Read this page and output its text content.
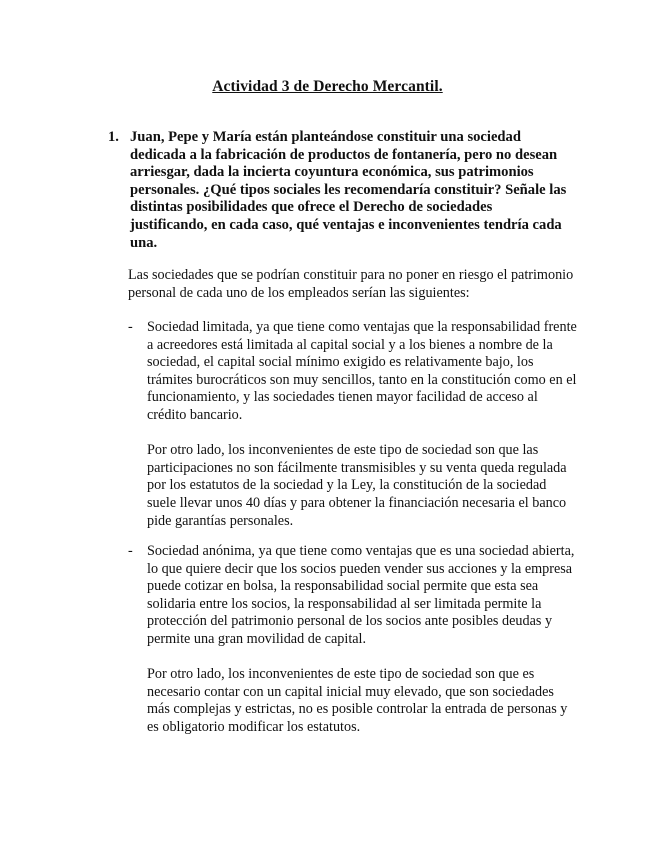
Actividad 3 de Derecho Mercantil.
1. Juan, Pepe y María están planteándose constituir una sociedad dedicada a la fabricación de productos de fontanería, pero no desean arriesgar, dada la incierta coyuntura económica, sus patrimonios personales. ¿Qué tipos sociales les recomendaría constituir? Señale las distintas posibilidades que ofrece el Derecho de sociedades justificando, en cada caso, qué ventajas e inconvenientes tendría cada una.

Las sociedades que se podrían constituir para no poner en riesgo el patrimonio personal de cada uno de los empleados serían las siguientes:

-	Sociedad limitada, ya que tiene como ventajas que la responsabilidad frente a acreedores está limitada al capital social y a los bienes a nombre de la sociedad, el capital social mínimo exigido es relativamente bajo, los trámites burocráticos son muy sencillos, tanto en la constitución como en el funcionamiento, y las sociedades tienen mayor facilidad de acceso al crédito bancario.

Por otro lado, los inconvenientes de este tipo de sociedad son que las participaciones no son fácilmente transmisibles y su venta queda regulada por los estatutos de la sociedad y la Ley, la constitución de la sociedad suele llevar unos 40 días y para obtener la financiación necesaria el banco pide garantías personales.

-	Sociedad anónima, ya que tiene como ventajas que es una sociedad abierta, lo que quiere decir que los socios pueden vender sus acciones y la empresa puede cotizar en bolsa, la responsabilidad social permite que esta sea solidaria entre los socios, la responsabilidad al ser limitada permite la protección del patrimonio personal de los socios ante posibles deudas y permite una gran movilidad de capital.

Por otro lado, los inconvenientes de este tipo de sociedad son que es necesario contar con un capital inicial muy elevado, que son sociedades más complejas y estrictas, no es posible controlar la entrada de personas y es obligatorio modificar los estatutos.
